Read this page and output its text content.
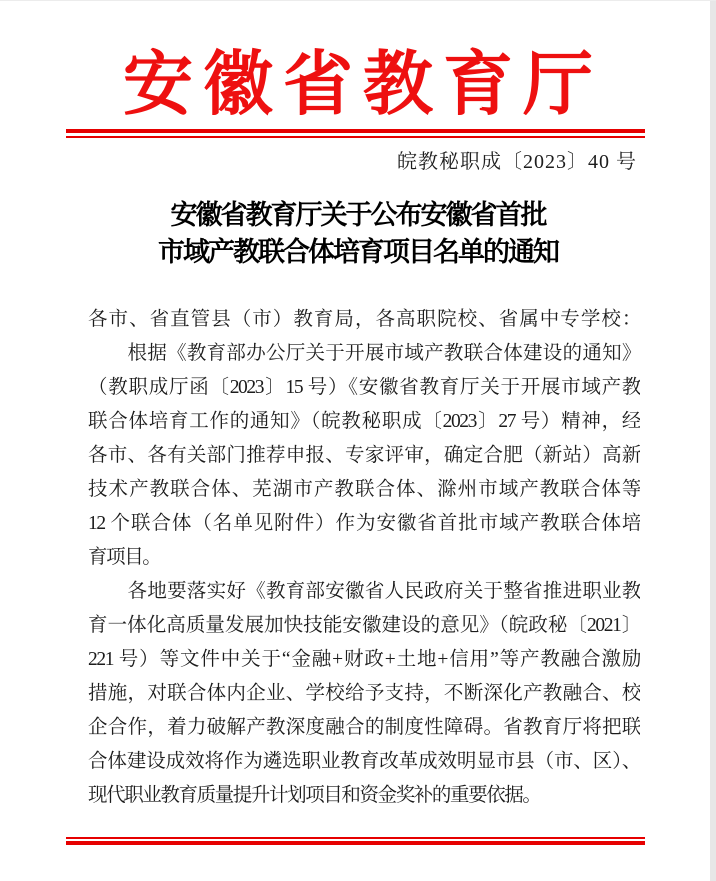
安徽省教育厅
皖教秘职成〔2023〕40 号
安徽省教育厅关于公布安徽省首批
市域产教联合体培育项目名单的通知
各市、省直管县（市）教育局，各高职院校、省属中专学校：
　　根据《教育部办公厅关于开展市域产教联合体建设的通知》
（教职成厅函〔2023〕15 号）《安徽省教育厅关于开展市域产教
联合体培育工作的通知》（皖教秘职成〔2023〕27 号）精神，经
各市、各有关部门推荐申报、专家评审，确定合肥（新站）高新
技术产教联合体、芜湖市产教联合体、滁州市域产教联合体等
12 个联合体（名单见附件）作为安徽省首批市域产教联合体培
育项目。
　　各地要落实好《教育部安徽省人民政府关于整省推进职业教
育一体化高质量发展加快技能安徽建设的意见》（皖政秘〔2021〕
221 号）等文件中关于“金融+财政+土地+信用”等产教融合激励
措施，对联合体内企业、学校给予支持，不断深化产教融合、校
企合作，着力破解产教深度融合的制度性障碍。省教育厅将把联
合体建设成效将作为遴选职业教育改革成效明显市县（市、区）、
现代职业教育质量提升计划项目和资金奖补的重要依据。
